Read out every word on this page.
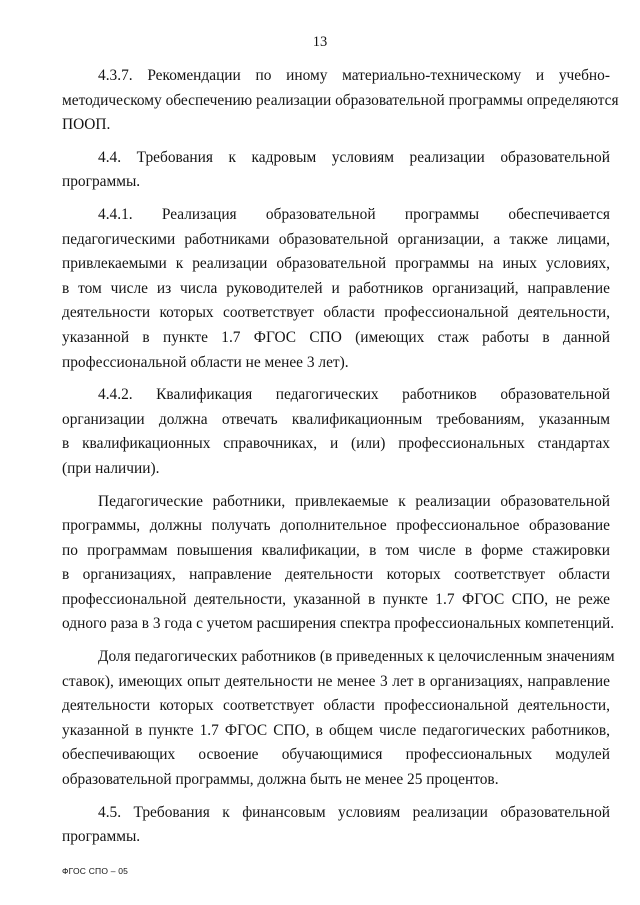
13
4.3.7. Рекомендации по иному материально-техническому и учебно-
методическому обеспечению реализации образовательной программы определяются
ПООП.
4.4. Требования к кадровым условиям реализации образовательной
программы.
4.4.1. Реализация образовательной программы обеспечивается
педагогическими работниками образовательной организации, а также лицами,
привлекаемыми к реализации образовательной программы на иных условиях,
в том числе из числа руководителей и работников организаций, направление
деятельности которых соответствует области профессиональной деятельности,
указанной в пункте 1.7 ФГОС СПО (имеющих стаж работы в данной
профессиональной области не менее 3 лет).
4.4.2. Квалификация педагогических работников образовательной
организации должна отвечать квалификационным требованиям, указанным
в квалификационных справочниках, и (или) профессиональных стандартах
(при наличии).
Педагогические работники, привлекаемые к реализации образовательной
программы, должны получать дополнительное профессиональное образование
по программам повышения квалификации, в том числе в форме стажировки
в организациях, направление деятельности которых соответствует области
профессиональной деятельности, указанной в пункте 1.7 ФГОС СПО, не реже
одного раза в 3 года с учетом расширения спектра профессиональных компетенций.
Доля педагогических работников (в приведенных к целочисленным значениям
ставок), имеющих опыт деятельности не менее 3 лет в организациях, направление
деятельности которых соответствует области профессиональной деятельности,
указанной в пункте 1.7 ФГОС СПО, в общем числе педагогических работников,
обеспечивающих освоение обучающимися профессиональных модулей
образовательной программы, должна быть не менее 25 процентов.
4.5. Требования к финансовым условиям реализации образовательной
программы.
ФГОС СПО – 05
